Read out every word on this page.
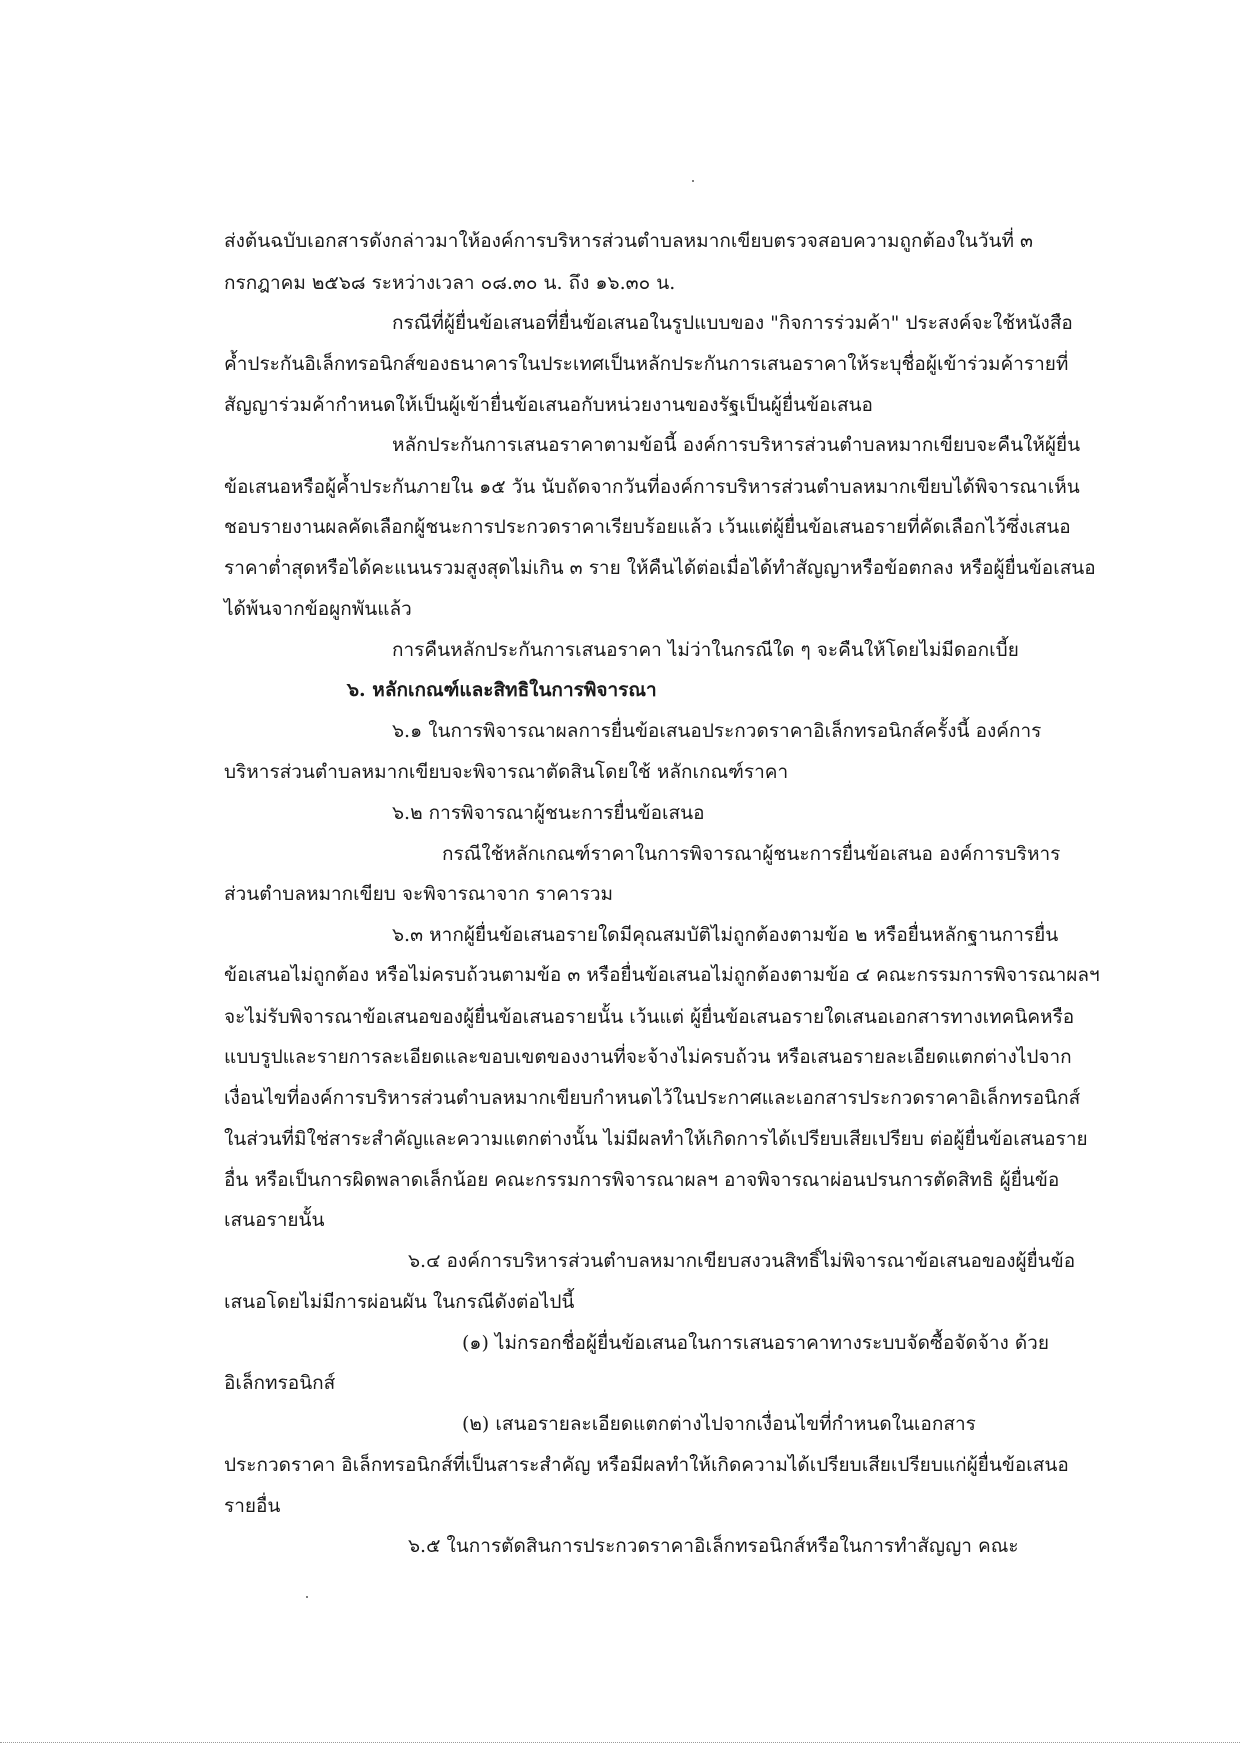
ส่งต้นฉบับเอกสารดังกล่าวมาให้องค์การบริหารส่วนตำบลหมากเขียบตรวจสอบความถูกต้องในวันที่ ๓
กรกฎาคม ๒๕๖๘ ระหว่างเวลา ๐๘.๓๐ น. ถึง ๑๖.๓๐ น.
กรณีที่ผู้ยื่นข้อเสนอที่ยื่นข้อเสนอในรูปแบบของ "กิจการร่วมค้า" ประสงค์จะใช้หนังสือ
ค้ำประกันอิเล็กทรอนิกส์ของธนาคารในประเทศเป็นหลักประกันการเสนอราคาให้ระบุชื่อผู้เข้าร่วมค้ารายที่
สัญญาร่วมค้ากำหนดให้เป็นผู้เข้ายื่นข้อเสนอกับหน่วยงานของรัฐเป็นผู้ยื่นข้อเสนอ
หลักประกันการเสนอราคาตามข้อนี้ องค์การบริหารส่วนตำบลหมากเขียบจะคืนให้ผู้ยื่น
ข้อเสนอหรือผู้ค้ำประกันภายใน ๑๕ วัน นับถัดจากวันที่องค์การบริหารส่วนตำบลหมากเขียบได้พิจารณาเห็น
ชอบรายงานผลคัดเลือกผู้ชนะการประกวดราคาเรียบร้อยแล้ว เว้นแต่ผู้ยื่นข้อเสนอรายที่คัดเลือกไว้ซึ่งเสนอ
ราคาต่ำสุดหรือได้คะแนนรวมสูงสุดไม่เกิน ๓ ราย ให้คืนได้ต่อเมื่อได้ทำสัญญาหรือข้อตกลง หรือผู้ยื่นข้อเสนอ
ได้พ้นจากข้อผูกพันแล้ว
การคืนหลักประกันการเสนอราคา ไม่ว่าในกรณีใด ๆ จะคืนให้โดยไม่มีดอกเบี้ย
๖. หลักเกณฑ์และสิทธิในการพิจารณา
๖.๑ ในการพิจารณาผลการยื่นข้อเสนอประกวดราคาอิเล็กทรอนิกส์ครั้งนี้ องค์การ
บริหารส่วนตำบลหมากเขียบจะพิจารณาตัดสินโดยใช้ หลักเกณฑ์ราคา
๖.๒ การพิจารณาผู้ชนะการยื่นข้อเสนอ
กรณีใช้หลักเกณฑ์ราคาในการพิจารณาผู้ชนะการยื่นข้อเสนอ องค์การบริหาร
ส่วนตำบลหมากเขียบ จะพิจารณาจาก ราคารวม
๖.๓ หากผู้ยื่นข้อเสนอรายใดมีคุณสมบัติไม่ถูกต้องตามข้อ ๒ หรือยื่นหลักฐานการยื่น
ข้อเสนอไม่ถูกต้อง หรือไม่ครบถ้วนตามข้อ ๓ หรือยื่นข้อเสนอไม่ถูกต้องตามข้อ ๔ คณะกรรมการพิจารณาผลฯ
จะไม่รับพิจารณาข้อเสนอของผู้ยื่นข้อเสนอรายนั้น เว้นแต่ ผู้ยื่นข้อเสนอรายใดเสนอเอกสารทางเทคนิคหรือ
แบบรูปและรายการละเอียดและขอบเขตของงานที่จะจ้างไม่ครบถ้วน หรือเสนอรายละเอียดแตกต่างไปจาก
เงื่อนไขที่องค์การบริหารส่วนตำบลหมากเขียบกำหนดไว้ในประกาศและเอกสารประกวดราคาอิเล็กทรอนิกส์
ในส่วนที่มิใช่สาระสำคัญและความแตกต่างนั้น ไม่มีผลทำให้เกิดการได้เปรียบเสียเปรียบ ต่อผู้ยื่นข้อเสนอราย
อื่น หรือเป็นการผิดพลาดเล็กน้อย คณะกรรมการพิจารณาผลฯ อาจพิจารณาผ่อนปรนการตัดสิทธิ ผู้ยื่นข้อ
เสนอรายนั้น
๖.๔ องค์การบริหารส่วนตำบลหมากเขียบสงวนสิทธิ์ไม่พิจารณาข้อเสนอของผู้ยื่นข้อ
เสนอโดยไม่มีการผ่อนผัน ในกรณีดังต่อไปนี้
(๑) ไม่กรอกชื่อผู้ยื่นข้อเสนอในการเสนอราคาทางระบบจัดซื้อจัดจ้าง ด้วย
อิเล็กทรอนิกส์
(๒) เสนอรายละเอียดแตกต่างไปจากเงื่อนไขที่กำหนดในเอกสาร
ประกวดราคา อิเล็กทรอนิกส์ที่เป็นสาระสำคัญ หรือมีผลทำให้เกิดความได้เปรียบเสียเปรียบแก่ผู้ยื่นข้อเสนอ
รายอื่น
๖.๕ ในการตัดสินการประกวดราคาอิเล็กทรอนิกส์หรือในการทำสัญญา คณะ
